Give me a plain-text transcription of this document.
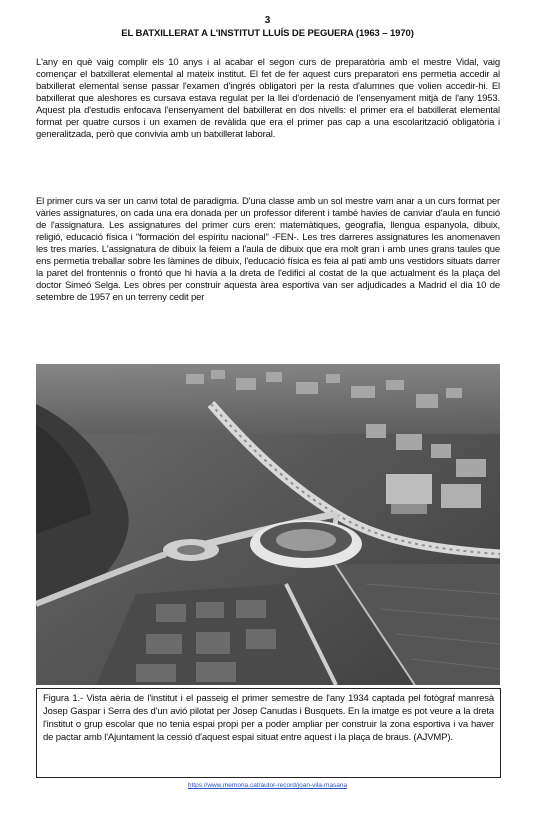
3
EL BATXILLERAT A L'INSTITUT LLUÍS DE PEGUERA (1963 – 1970)

L'any en què vaig complir els 10 anys i al acabar el segon curs de preparatòria amb el mestre Vidal, vaig començar el batxillerat elemental al mateix institut. El fet de fer aquest curs preparatori ens permetia accedir al batxillerat elemental sense passar l'examen d'ingrés obligatori per la resta d'alumnes que volien accedir-hi. El batxillerat que aleshores es cursava estava regulat per la llei d'ordenació de l'ensenyament mitjà de l'any 1953. Aquest pla d'estudis enfocava l'ensenyament del batxillerat en dos nivells: el primer era el batxillerat elemental format per quatre cursos i un examen de revàlida que era el primer pas cap a una escolarització obligatòria i generalitzada, però que convivia amb un batxillerat laboral.

El primer curs va ser un canvi total de paradigma. D'una classe amb un sol mestre vam anar a un curs format per vàries assignatures, on cada una era donada per un professor diferent i també havies de canviar d'aula en funció de l'assignatura. Les assignatures del primer curs eren: matemàtiques, geografia, llengua espanyola, dibuix, religió, educació física i "formación del espíritu nacional" -FEN-. Les tres darreres assignatures les anomenaven les tres maries. L'assignatura de dibuix la fèiem a l'aula de dibuix que era molt gran i amb unes grans taules que ens permetia treballar sobre les làmines de dibuix, l'educació física es feia al pati amb uns vestidors situats darrer la paret del frontennis o frontó que hi havia a la dreta de l'edifici al costat de la que actualment és la plaça del doctor Simeó Selga. Les obres per construir aquesta àrea esportiva van ser adjudicades a Madrid el dia 10 de setembre de 1957 en un terreny cedit per

Figura 1.- Vista aèria de l'institut i el passeig el primer semestre de l'any 1934 captada pel fotògraf manresà Josep Gaspar i Serra des d'un avió pilotat per Josep Canudas i Busquets. En la imatge es pot veure a la dreta l'institut o grup escolar que no tenia espai propi per a poder ampliar per construir la zona esportiva i va haver de pactar amb l'Ajuntament la cessió d'aquest espai situat entre aquest i la plaça de braus. (AJVMP).

https://www.memoria.cat/autor-record/joan-vila-masana
